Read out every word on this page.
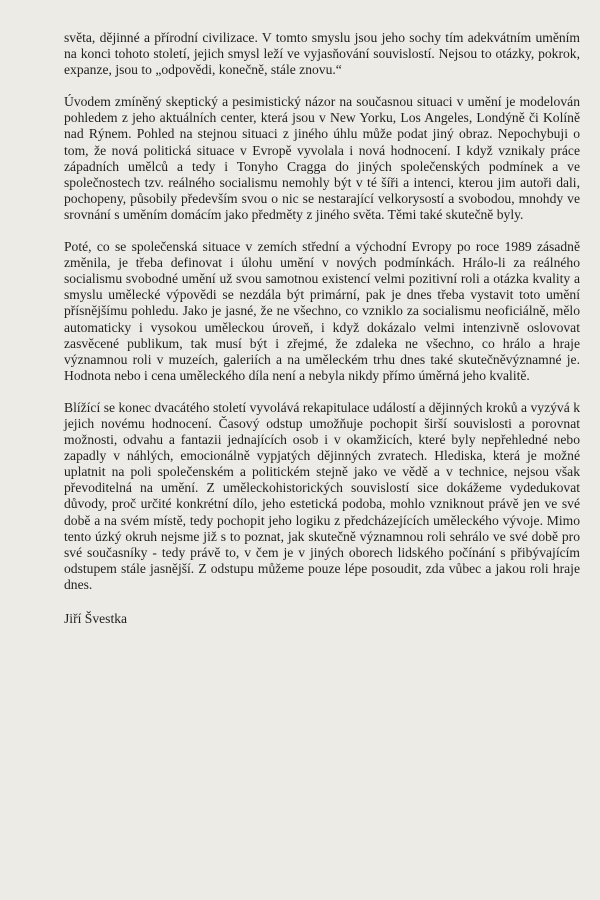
světa, dějinné a přírodní civilizace. V tomto smyslu jsou jeho sochy tím adekvátním uměním na konci tohoto století, jejich smysl leží ve vyjasňování souvislostí. Nejsou to otázky, pokrok, expanze, jsou to „odpovědi, konečně, stále znovu.“

Úvodem zmíněný skeptický a pesimistický názor na současnou situaci v umění je modelován pohledem z jeho aktuálních center, která jsou v New Yorku, Los Angeles, Londýně či Kolíně nad Rýnem. Pohled na stejnou situaci z jiného úhlu může podat jiný obraz. Nepochybuji o tom, že nová politická situace v Evropě vyvolala i nová hodnocení. I když vznikaly práce západních umělců a tedy i Tonyho Cragga do jiných společenských podmínek a ve společnostech tzv. reálného socialismu nemohly být v té šíři a intenci, kterou jim autoři dali, pochopeny, působily především svou o nic se nestarající velkorysostí a svobodou, mnohdy ve srovnání s uměním domácím jako předměty z jiného světa. Těmi také skutečně byly.

Poté, co se společenská situace v zemích střední a východní Evropy po roce 1989 zásadně změnila, je třeba definovat i úlohu umění v nových podmínkách. Hrálo-li za reálného socialismu svobodné umění už svou samotnou existencí velmi pozitivní roli a otázka kvality a smyslu umělecké výpovědi se nezdála být primární, pak je dnes třeba vystavit toto umění přísnějšímu pohledu. Jako je jasné, že ne všechno, co vzniklo za socialismu neoficiálně, mělo automaticky i vysokou uměleckou úroveň, i když dokázalo velmi intenzivně oslovovat zasvěcené publikum, tak musí být i zřejmé, že zdaleka ne všechno, co hrálo a hraje významnou roli v muzeích, galeriích a na uměleckém trhu dnes také skutečněvýznamné je. Hodnota nebo i cena uměleckého díla není a nebyla nikdy přímo úměrná jeho kvalitě.

Blížící se konec dvacátého století vyvolává rekapitulace událostí a dějinných kroků a vyzývá k jejich novému hodnocení. Časový odstup umožňuje pochopit širší souvislosti a porovnat možnosti, odvahu a fantazii jednajících osob i v okamžicích, které byly nepřehledné nebo zapadly v náhlých, emocionálně vypjatých dějinných zvratech. Hlediska, která je možné uplatnit na poli společenském a politickém stejně jako ve vědě a v technice, nejsou však převoditelná na umění. Z uměleckohistorických souvislostí sice dokážeme vydedukovat důvody, proč určité konkrétní dílo, jeho estetická podoba, mohlo vzniknout právě jen ve své době a na svém místě, tedy pochopit jeho logiku z předcházejících uměleckého vývoje. Mimo tento úzký okruh nejsme již s to poznat, jak skutečně významnou roli sehrálo ve své době pro své současníky - tedy právě to, v čem je v jiných oborech lidského počínání s přibývajícím odstupem stále jasnější. Z odstupu můžeme pouze lépe posoudit, zda vůbec a jakou roli hraje dnes.

Jiří Švestka
